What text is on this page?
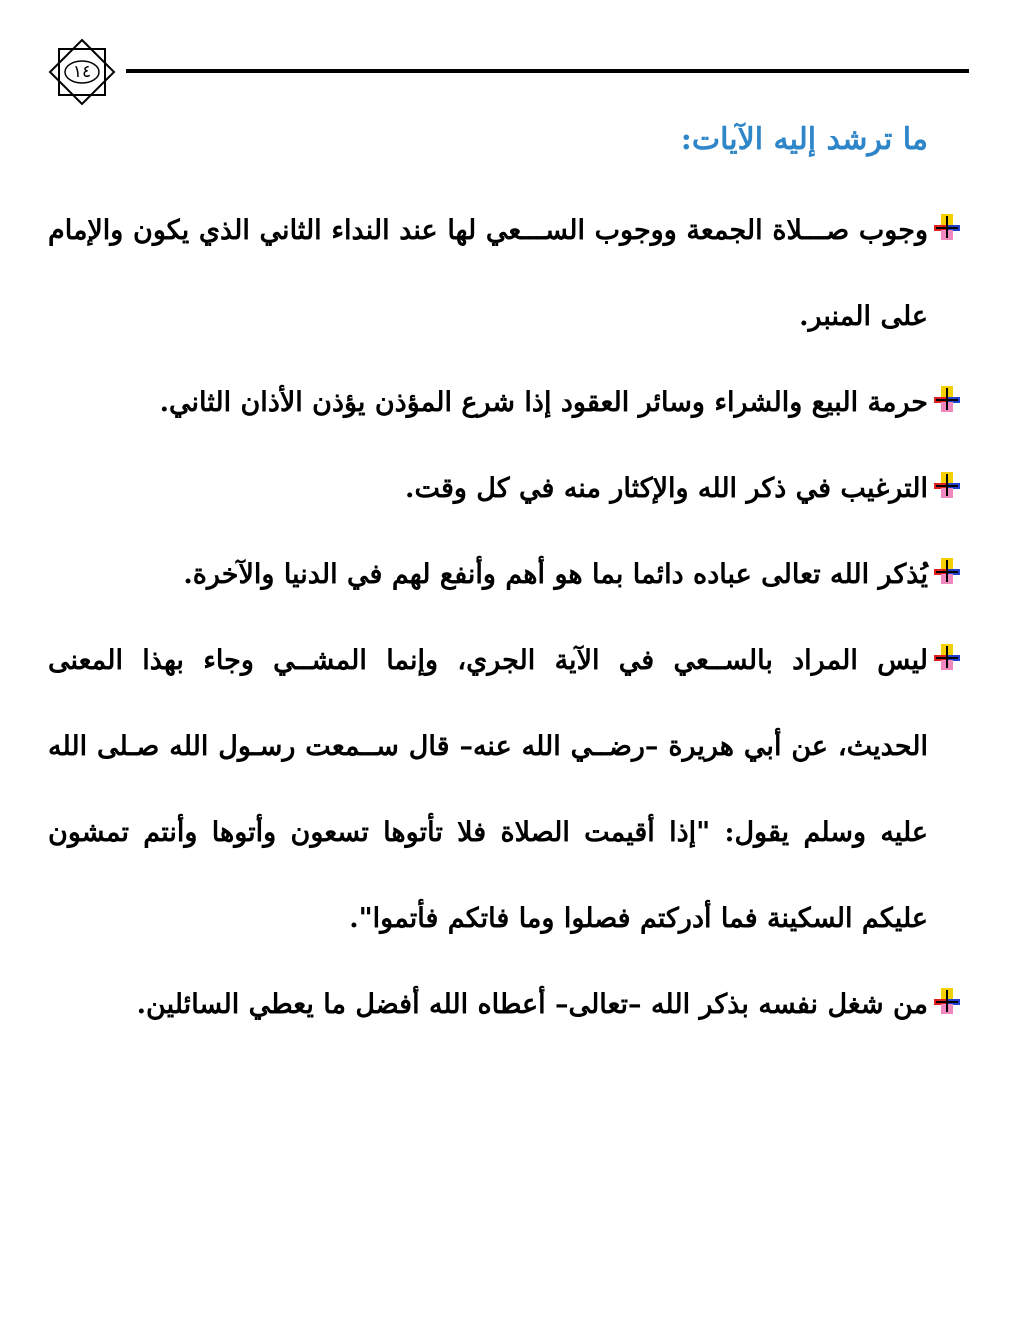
١٤
ما ترشد إليه الآيات:
وجوب صـــلاة الجمعة ووجوب الســـعي لها عند النداء الثاني الذي يكون والإمام على المنبر.
حرمة البيع والشراء وسائر العقود إذا شرع المؤذن يؤذن الأذان الثاني.
الترغيب في ذكر الله والإكثار منه في كل وقت.
يُذكر الله تعالى عباده دائما بما هو أهم وأنفع لهم في الدنيا والآخرة.
ليس المراد بالســعي في الآية الجري، وإنما المشــي وجاء بهذا المعنى الحديث، عن أبي هريرة –رضــي الله عنه– قال ســمعت رسـول الله صـلى الله عليه وسلم يقول: "إذا أقيمت الصلاة فلا تأتوها تسعون وأتوها وأنتم تمشون عليكم السكينة فما أدركتم فصلوا وما فاتكم فأتموا".
من شغل نفسه بذكر الله –تعالى– أعطاه الله أفضل ما يعطي السائلين.
